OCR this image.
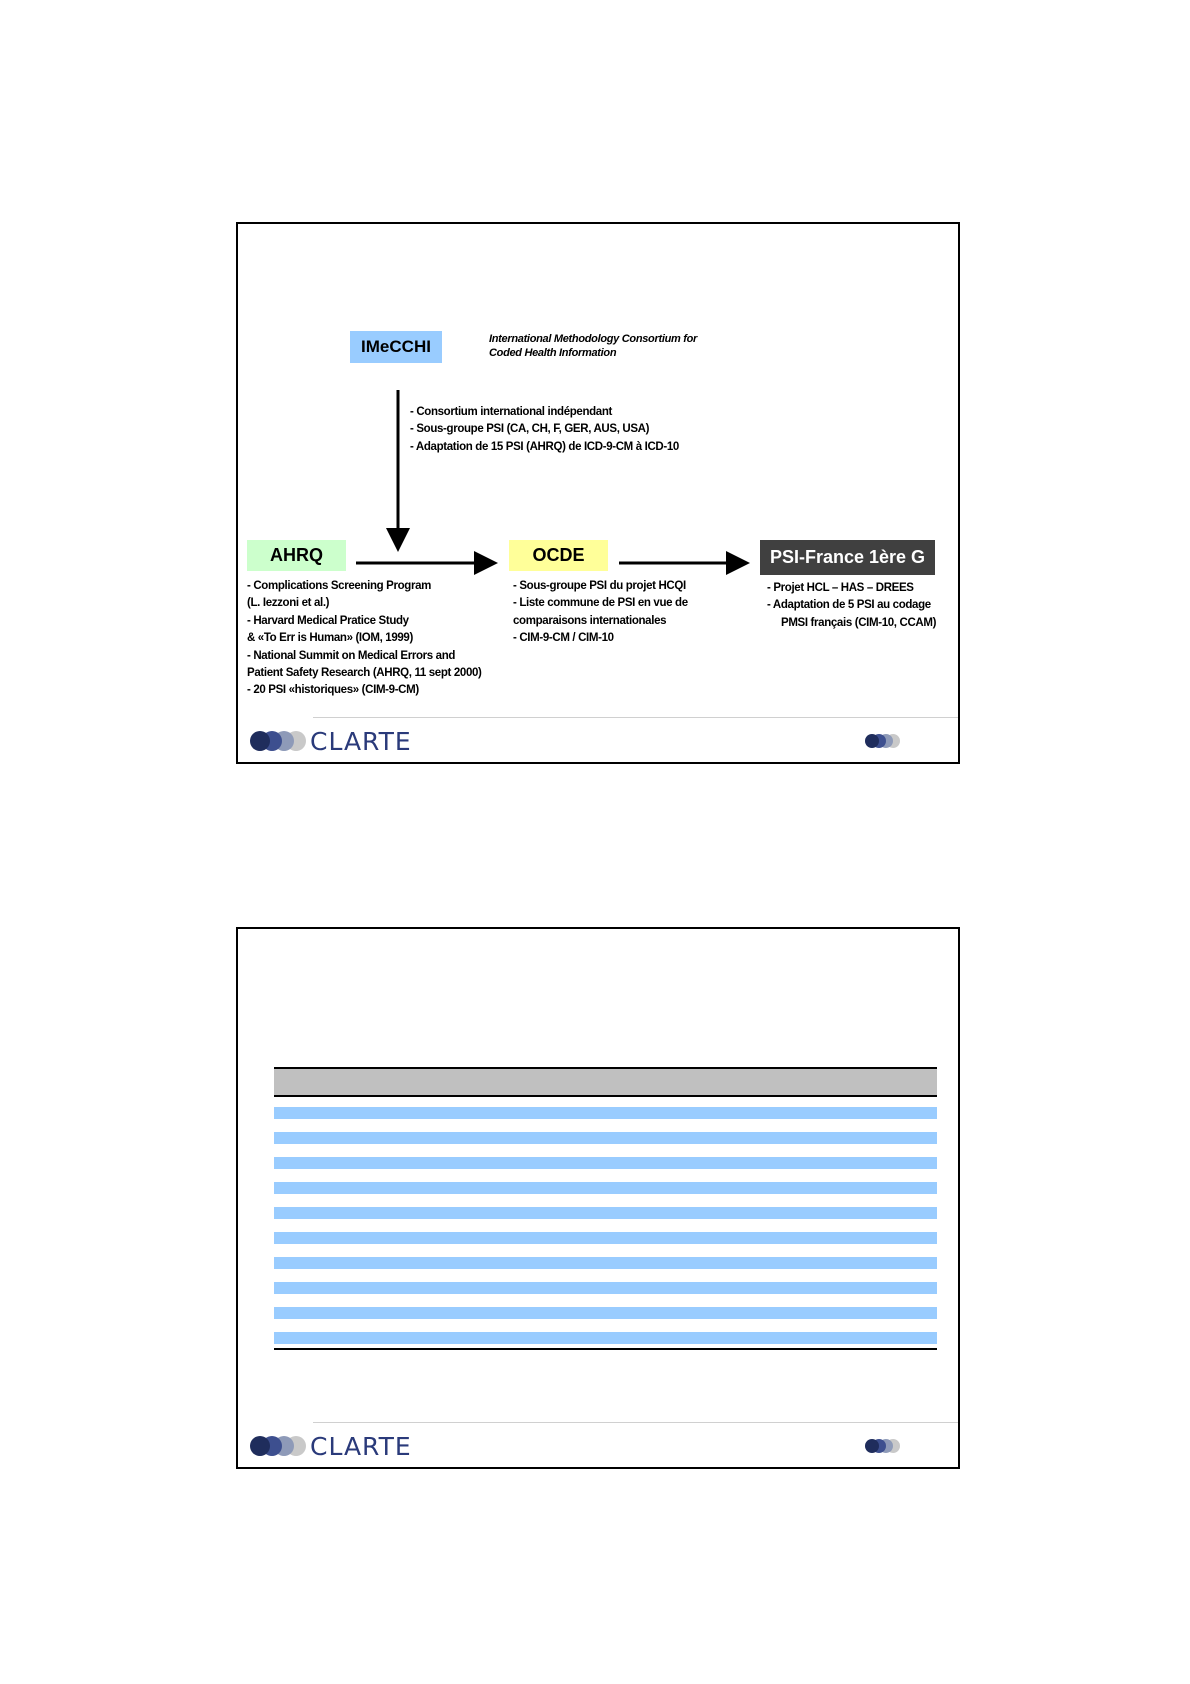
IMeCCHI	International Methodology Consortium for
Coded Health Information
- Consortium international indépendant
- Sous-groupe PSI (CA, CH, F, GER, AUS, USA)
- Adaptation de 15 PSI (AHRQ) de ICD-9-CM à ICD-10
AHRQ
- Complications Screening Program
(L. Iezzoni et al.)
- Harvard Medical Pratice Study
& «To Err is Human» (IOM, 1999)
- National Summit on Medical Errors and
Patient Safety Research (AHRQ, 11 sept 2000)
- 20 PSI «historiques» (CIM-9-CM)
OCDE
- Sous-groupe PSI du projet HCQI
- Liste commune de PSI en vue de
comparaisons internationales
- CIM-9-CM / CIM-10
PSI-France 1ère G
- Projet HCL – HAS – DREES
- Adaptation de 5 PSI au codage
PMSI français (CIM-10, CCAM)
CLARTE
CLARTE
